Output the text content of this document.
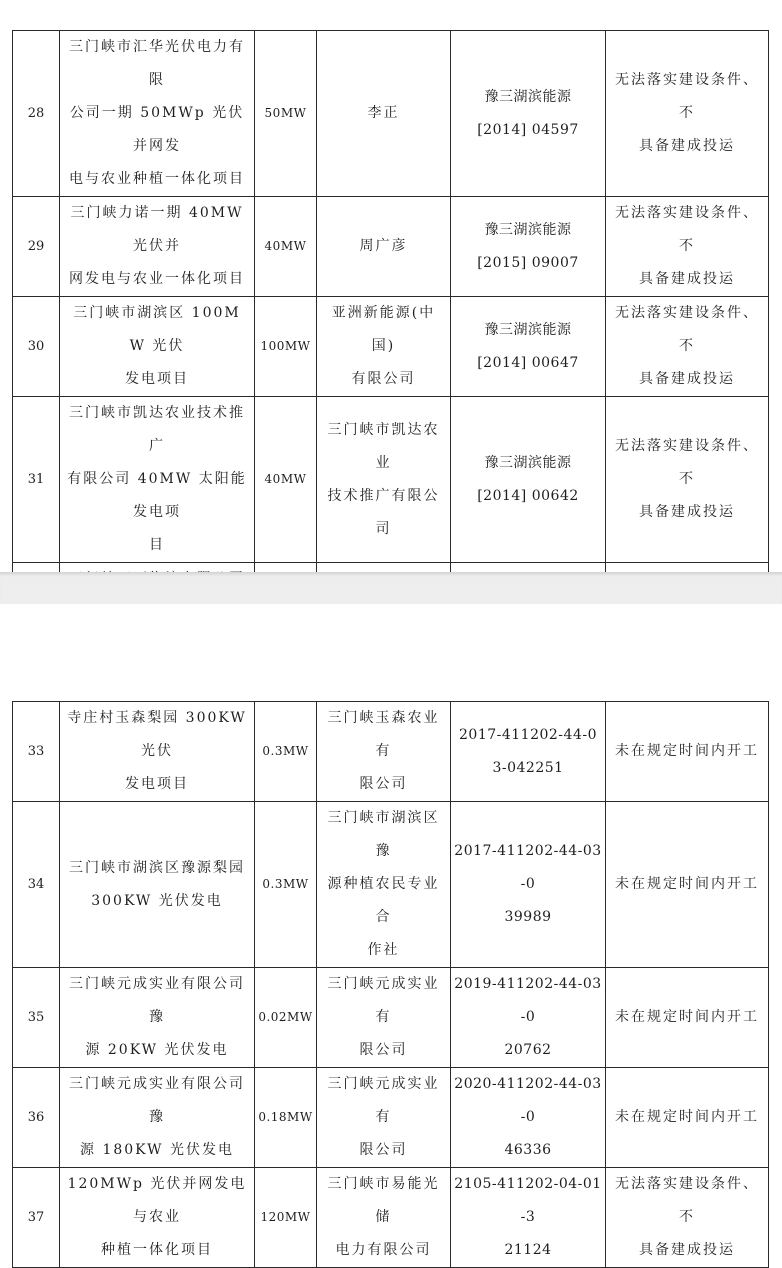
28	三门峡市汇华光伏电力有限
公司一期 50MWp 光伏并网发
电与农业种植一体化项目	50MW	李正	豫三湖滨能源
[2014] 04597	无法落实建设条件、不
具备建成投运

29	三门峡力诺一期 40MW 光伏并
网发电与农业一体化项目	40MW	周广彦	豫三湖滨能源
[2015] 09007	无法落实建设条件、不
具备建成投运

30	三门峡市湖滨区 100MW 光伏
发电项目	100MW	亚洲新能源(中国)
有限公司	豫三湖滨能源
[2014] 00647	无法落实建设条件、不
具备建成投运

31	三门峡市凯达农业技术推广
有限公司 40MW 太阳能发电项
目	40MW	三门峡市凯达农业
技术推广有限公司	豫三湖滨能源
[2014] 00642	无法落实建设条件、不
具备建成投运

33	寺庄村玉森梨园 300KW 光伏
发电项目	0.3MW	三门峡玉森农业有
限公司	2017-411202-44-0
3-042251	未在规定时间内开工

34	三门峡市湖滨区豫源梨园
300KW 光伏发电	0.3MW	三门峡市湖滨区豫
源种植农民专业合
作社	2017-411202-44-03-0
39989	未在规定时间内开工

35	三门峡元成实业有限公司豫
源 20KW 光伏发电	0.02MW	三门峡元成实业有
限公司	2019-411202-44-03-0
20762	未在规定时间内开工

36	三门峡元成实业有限公司豫
源 180KW 光伏发电	0.18MW	三门峡元成实业有
限公司	2020-411202-44-03-0
46336	未在规定时间内开工

37	120MWp 光伏并网发电与农业
种植一体化项目	120MW	三门峡市易能光储
电力有限公司	2105-411202-04-01-3
21124	无法落实建设条件、不
具备建成投运
